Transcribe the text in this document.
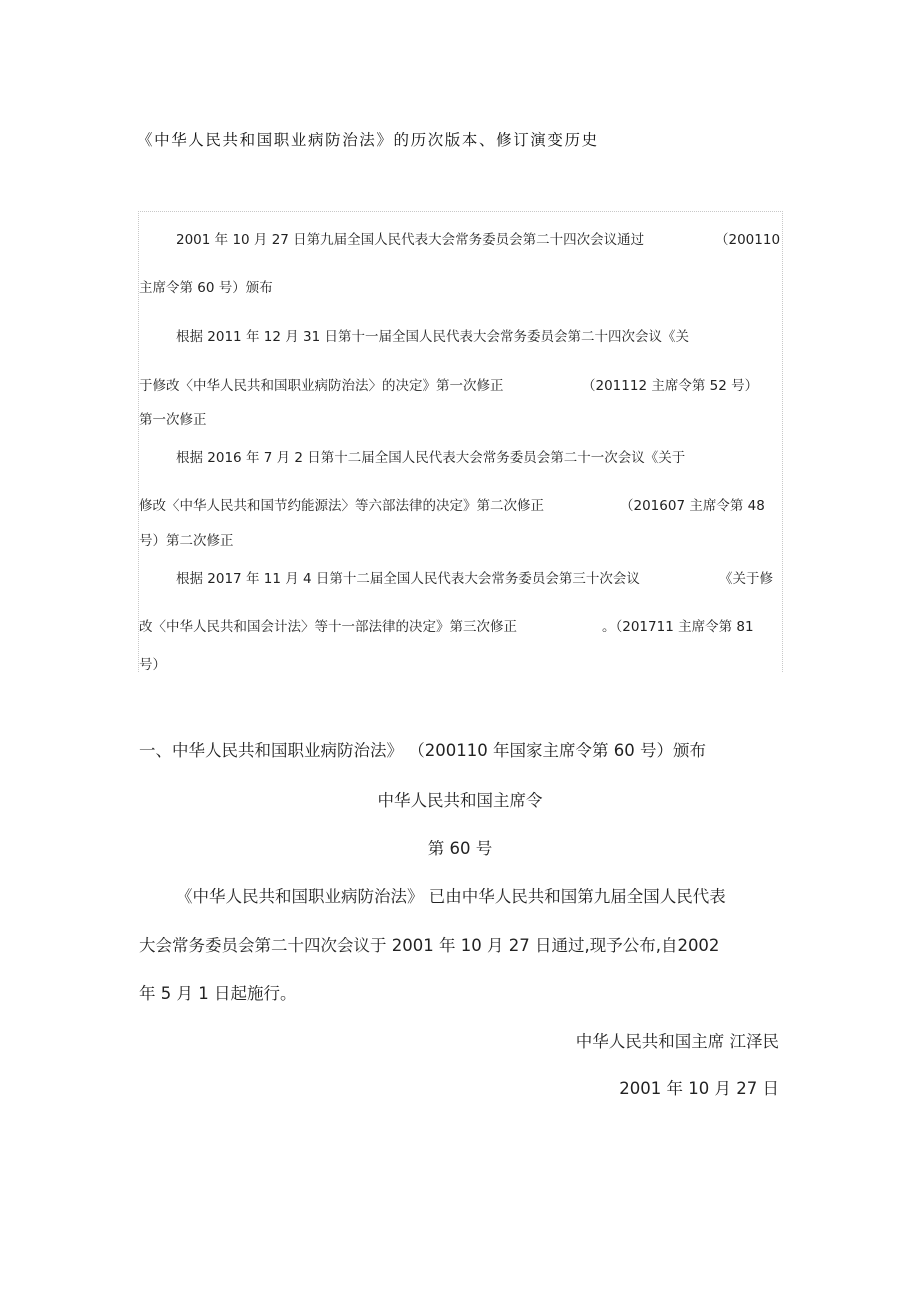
《中华人民共和国职业病防治法》的历次版本、修订演变历史
2001 年 10 月 27 日第九届全国人民代表大会常务委员会第二十四次会议通过	（200110
主席令第 60 号）颁布
根据 2011 年 12 月 31 日第十一届全国人民代表大会常务委员会第二十四次会议《关
于修改〈中华人民共和国职业病防治法〉的决定》第一次修正	（201112 主席令第 52 号）
第一次修正
根据 2016 年 7 月 2 日第十二届全国人民代表大会常务委员会第二十一次会议《关于
修改〈中华人民共和国节约能源法〉等六部法律的决定》第二次修正	（201607 主席令第 48
号）第二次修正
根据 2017 年 11 月 4 日第十二届全国人民代表大会常务委员会第三十次会议	《关于修
改〈中华人民共和国会计法〉等十一部法律的决定》第三次修正	。（201711 主席令第 81
号）
一、中华人民共和国职业病防治法》 （200110 年国家主席令第 60 号）颁布
中华人民共和国主席令
第 60 号
《中华人民共和国职业病防治法》 已由中华人民共和国第九届全国人民代表
大会常务委员会第二十四次会议于 2001 年 10 月 27 日通过,现予公布,自2002
年 5 月 1 日起施行。
中华人民共和国主席 江泽民
2001 年 10 月 27 日
